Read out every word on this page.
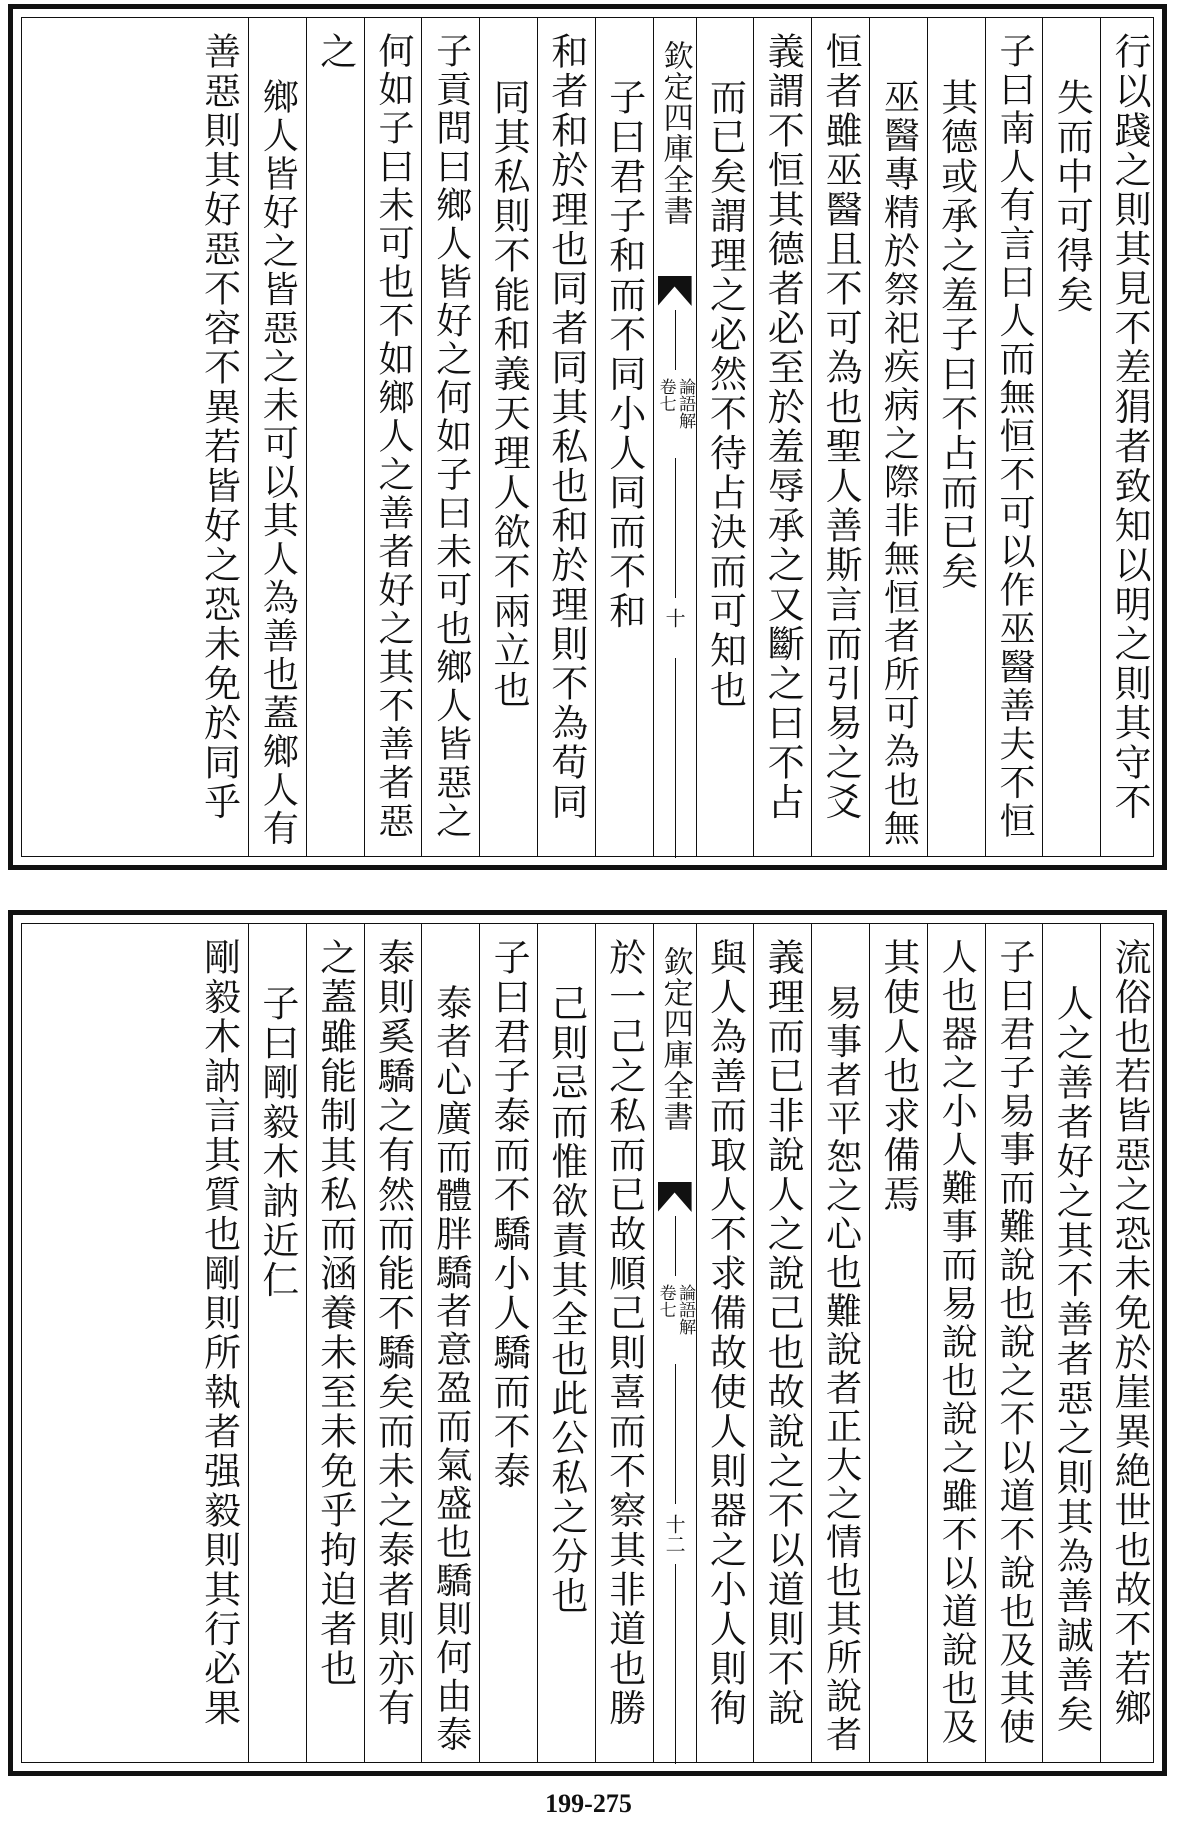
行以踐之則其見不差狷者致知以明之則其守不
失而中可得矣
子曰南人有言曰人而無恒不可以作巫醫善夫不恒
其德或承之羞子曰不占而已矣
巫醫專精於祭祀疾病之際非無恒者所可為也無
恒者雖巫醫且不可為也聖人善斯言而引易之爻
義謂不恒其德者必至於羞辱承之又斷之曰不占
而已矣謂理之必然不待占決而可知也
欽定四庫全書
論語解
卷七
十
子曰君子和而不同小人同而不和
和者和於理也同者同其私也和於理則不為苟同
同其私則不能和義天理人欲不兩立也
子貢問曰鄉人皆好之何如子曰未可也鄉人皆惡之
何如子曰未可也不如鄉人之善者好之其不善者惡
之
鄉人皆好之皆惡之未可以其人為善也蓋鄉人有
善惡則其好惡不容不異若皆好之恐未免於同乎
流俗也若皆惡之恐未免於崖異絶世也故不若鄉
人之善者好之其不善者惡之則其為善誠善矣
子曰君子易事而難說也說之不以道不說也及其使
人也器之小人難事而易說也說之雖不以道說也及
其使人也求備焉
易事者平恕之心也難說者正大之情也其所說者
義理而已非說人之說己也故說之不以道則不說
與人為善而取人不求備故使人則器之小人則徇
欽定四庫全書
論語解
卷七
十二
於一己之私而已故順己則喜而不察其非道也勝
己則忌而惟欲責其全也此公私之分也
子曰君子泰而不驕小人驕而不泰
泰者心廣而體胖驕者意盈而氣盛也驕則何由泰
泰則奚驕之有然而能不驕矣而未之泰者則亦有
之蓋雖能制其私而涵養未至未免乎拘迫者也
子曰剛毅木訥近仁
剛毅木訥言其質也剛則所執者强毅則其行必果
199-275
